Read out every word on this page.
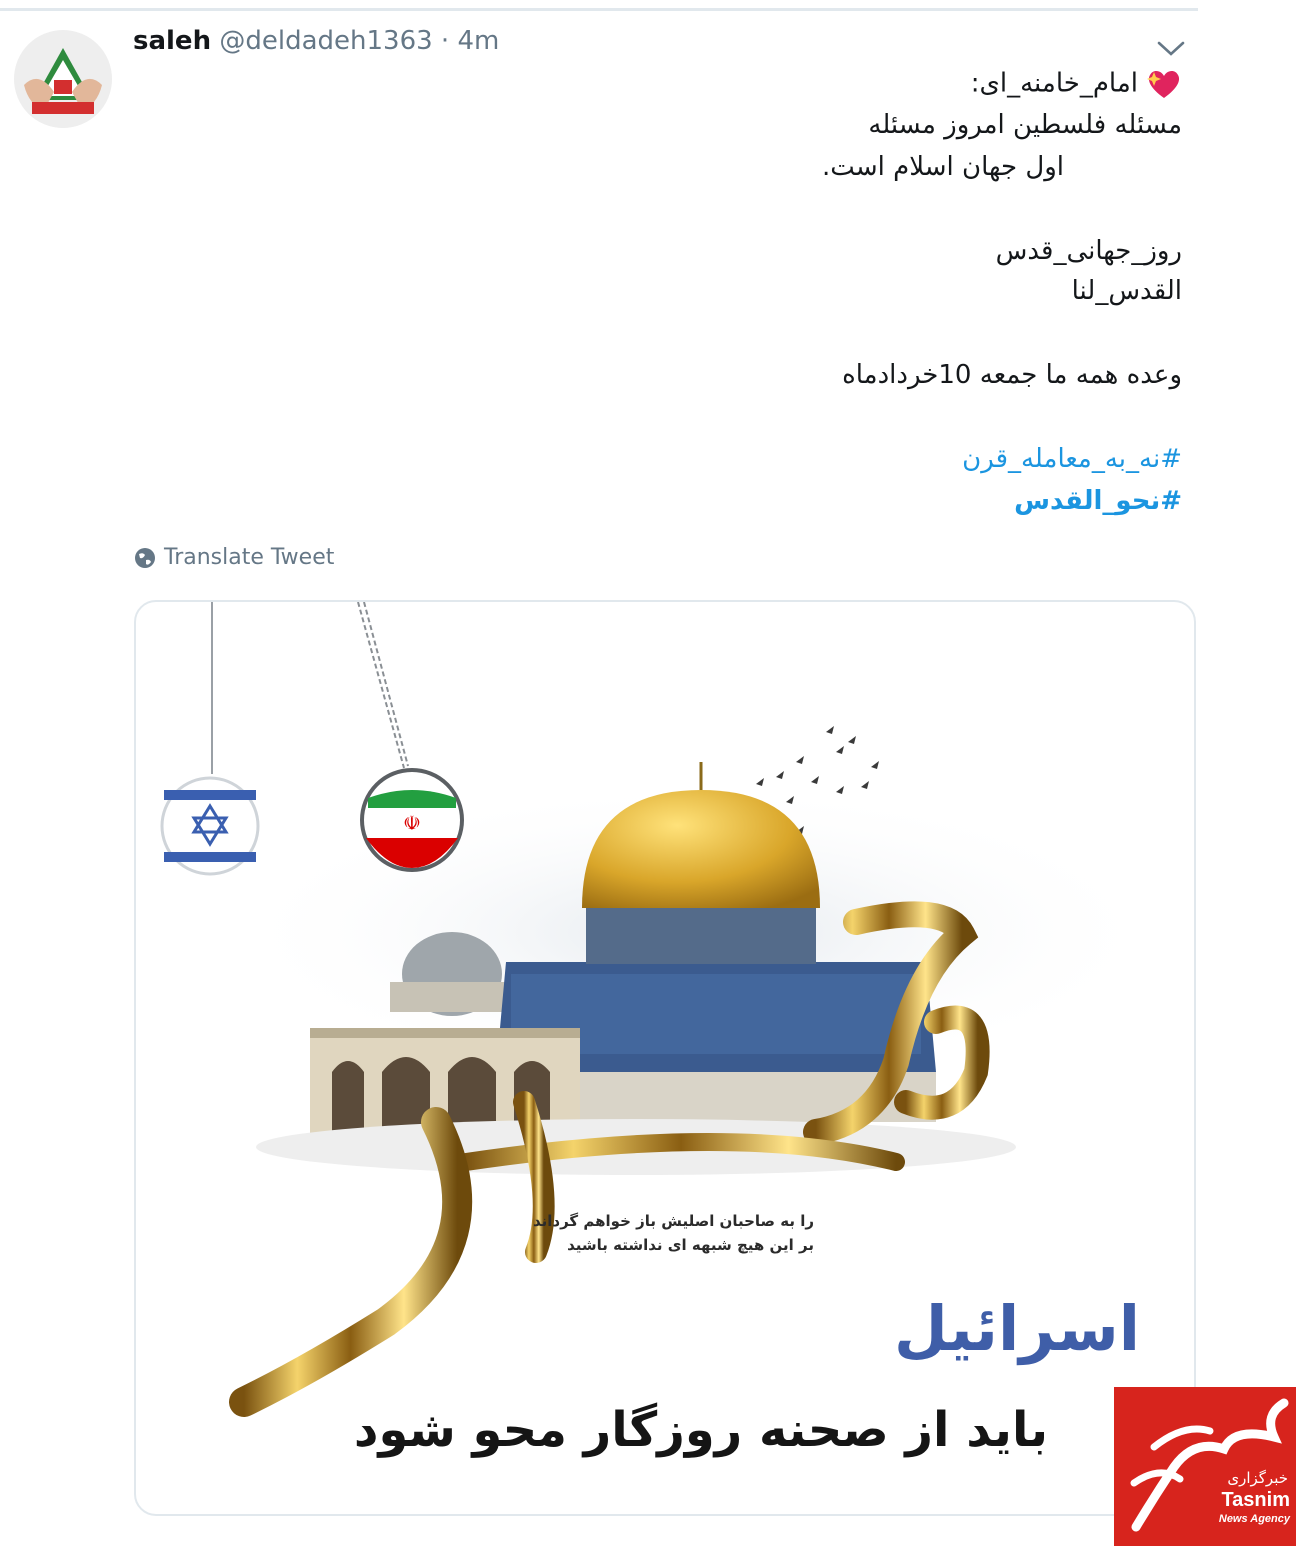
saleh @deldadeh1363 · 4m
امام_خامنه_ای:
مسئله فلسطین امروز مسئله
اول جهان اسلام است.
روز_جهانی_قدس
القدس_لنا
وعده همه ما جمعه 10خردادماه
#نه_به_معامله_قرن
#نحو_القدس
Translate Tweet
☫
را به صاحبان اصلیش باز خواهم گرداند
بر این هیچ شبهه ای نداشته باشید
اسرائیل
باید از صحنه روزگار محو شود
خبرگزاری
Tasnim
News Agency
